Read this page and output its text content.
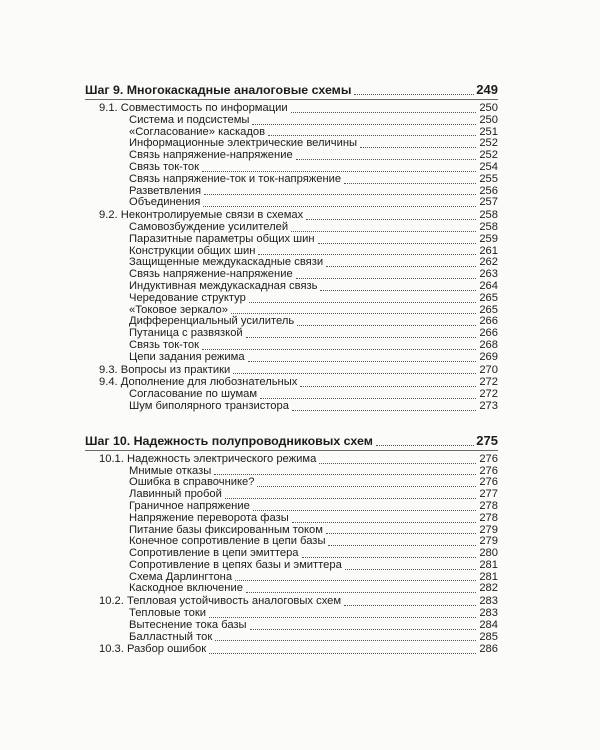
Шаг 9. Многокаскадные аналоговые схемы	249
9.1. Совместимость по информации	250
Система и подсистемы	250
«Согласование» каскадов	251
Информационные электрические величины	252
Связь напряжение-напряжение	252
Связь ток-ток	254
Связь напряжение-ток и ток-напряжение	255
Разветвления	256
Объединения	257
9.2. Неконтролируемые связи в схемах	258
Самовозбуждение усилителей	258
Паразитные параметры общих шин	259
Конструкции общих шин	261
Защищенные междукаскадные связи	262
Связь напряжение-напряжение	263
Индуктивная междукаскадная связь	264
Чередование структур	265
«Токовое зеркало»	265
Дифференциальный усилитель	266
Путаница с развязкой	266
Связь ток-ток	268
Цепи задания режима	269
9.3. Вопросы из практики	270
9.4. Дополнение для любознательных	272
Согласование по шумам	272
Шум биполярного транзистора	273
Шаг 10. Надежность полупроводниковых схем	275
10.1. Надежность электрического режима	276
Мнимые отказы	276
Ошибка в справочнике?	276
Лавинный пробой	277
Граничное напряжение	278
Напряжение переворота фазы	278
Питание базы фиксированным током	279
Конечное сопротивление в цепи базы	279
Сопротивление в цепи эмиттера	280
Сопротивление в цепях базы и эмиттера	281
Схема Дарлингтона	281
Каскодное включение	282
10.2. Тепловая устойчивость аналоговых схем	283
Тепловые токи	283
Вытеснение тока базы	284
Балластный ток	285
10.3. Разбор ошибок	286
